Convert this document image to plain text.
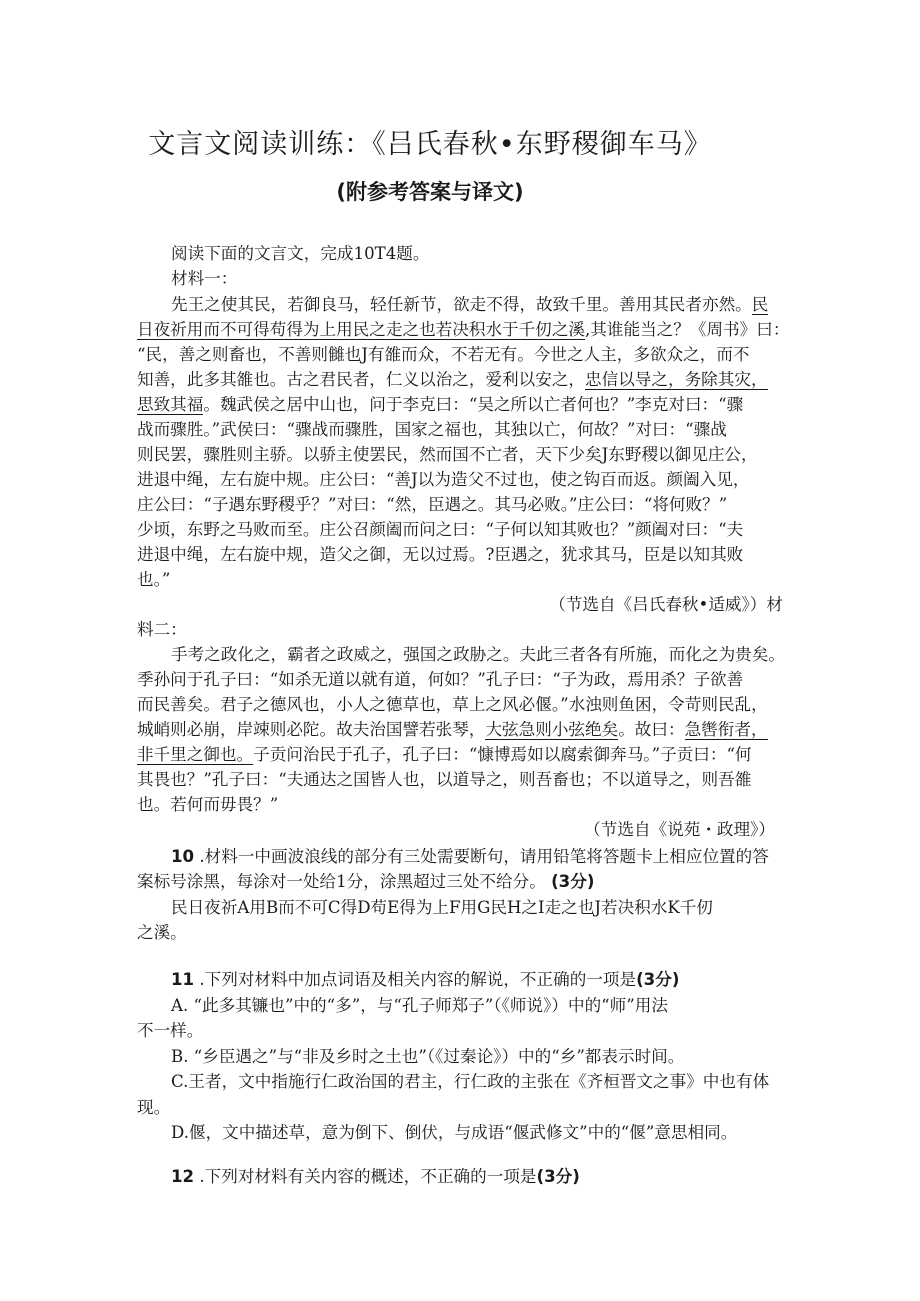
文言文阅读训练：《吕氏春秋•东野稷御车马》
(附参考答案与译文)
阅读下面的文言文，完成10T4题。
材料一：
先王之使其民，若御良马，轻任新节，欲走不得，故致千里。善用其民者亦然。民
日夜祈用而不可得苟得为上用民之走之也若决积水于千仞之溪,其谁能当之？《周书》曰：
“民，善之则畜也，不善则雠也J有雒而众，不若无有。今世之人主，多欲众之，而不
知善，此多其雒也。古之君民者，仁义以治之，爱利以安之，忠信以导之，务除其灾，
思致其福。魏武侯之居中山也，问于李克曰：“吴之所以亡者何也？”李克对曰：“骤
战而骤胜。”武侯曰：“骤战而骤胜，国家之福也，其独以亡，何故？”对曰：“骤战
则民罢，骤胜则主骄。以骄主使罢民，然而国不亡者，天下少矣J东野稷以御见庄公，
进退中绳，左右旋中规。庄公曰：“善J以为造父不过也，使之钩百而返。颜阖入见，
庄公曰：“子遇东野稷乎？”对曰：“然，臣遇之。其马必败。”庄公曰：“将何败？”
少顷，东野之马败而至。庄公召颜阖而问之曰：“子何以知其败也？”颜阖对曰：“夫
进退中绳，左右旋中规，造父之御，无以过焉。?臣遇之，犹求其马，臣是以知其败
也。”
（节选自《吕氏春秋•适威》）材
料二：
手考之政化之，霸者之政威之，强国之政胁之。夫此三者各有所施，而化之为贵矣。
季孙问于孔子曰：“如杀无道以就有道，何如？”孔子曰：“子为政，焉用杀？子欲善
而民善矣。君子之德风也，小人之德草也，草上之风必偃。”水浊则鱼困，令苛则民乱，
城峭则必崩，岸竦则必陀。故夫治国譬若张琴，大弦急则小弦绝矣。故曰：急辔衔者，
非千里之御也。子贡问治民于孔子，孔子曰：“慷博焉如以腐索御奔马。”子贡曰：“何
其畏也？”孔子曰：“夫通达之国皆人也，以道导之，则吾畜也；不以道导之，则吾雒
也。若何而毋畏？”
（节选自《说苑・政理》）
10 .材料一中画波浪线的部分有三处需要断句，请用铅笔将答题卡上相应位置的答
案标号涂黑，每涂对一处给1分，涂黑超过三处不给分。 (3分)
民日夜祈A用B而不可C得D苟E得为上F用G民H之I走之也J若决积水K千仞
之溪。
11 .下列对材料中加点词语及相关内容的解说，不正确的一项是(3分)
A. “此多其镰也”中的“多”，与“孔子师郑子”（《师说》）中的“师”用法
不一样。
B. “乡臣遇之”与“非及乡时之土也”（《过秦论》）中的“乡”都表示时间。
C.王者，文中指施行仁政治国的君主，行仁政的主张在《齐桓晋文之事》中也有体
现。
D.偃，文中描述草，意为倒下、倒伏，与成语“偃武修文”中的“偃”意思相同。
12 .下列对材料有关内容的概述，不正确的一项是(3分)
